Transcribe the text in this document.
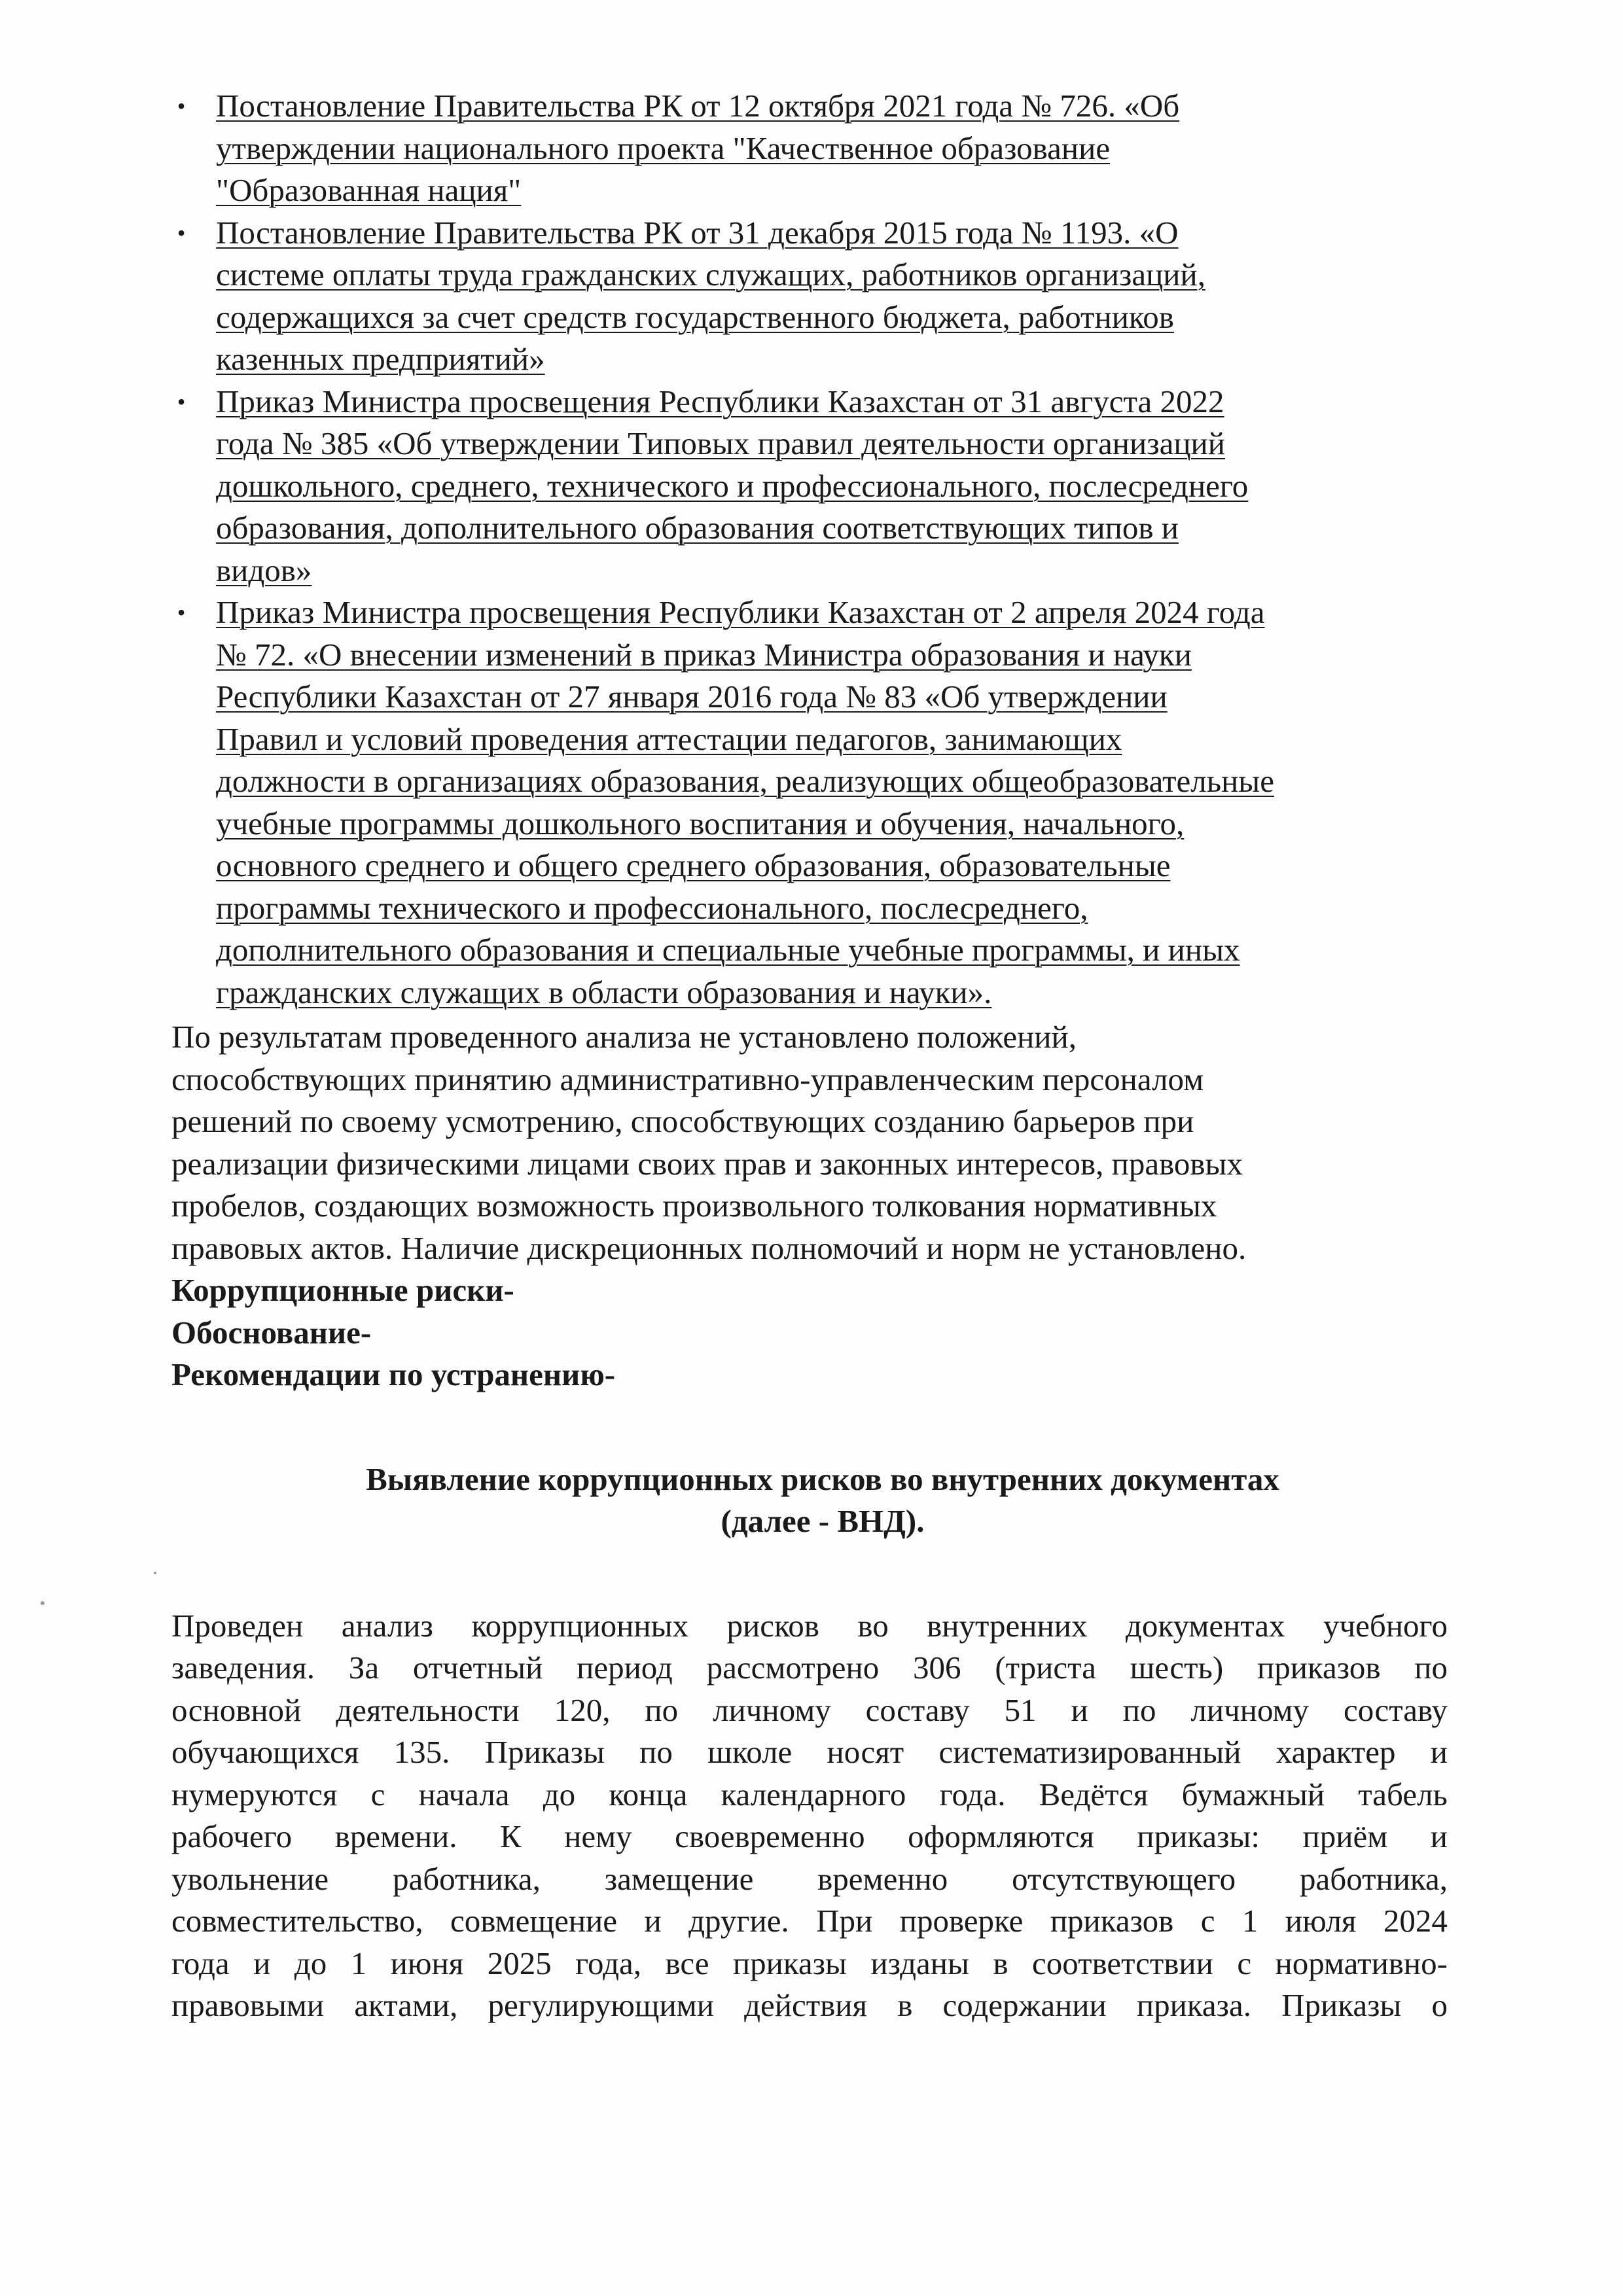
• Постановление Правительства РК от 12 октября 2021 года № 726. «Об
утверждении национального проекта "Качественное образование
"Образованная нация"
• Постановление Правительства РК от 31 декабря 2015 года № 1193. «О
системе оплаты труда гражданских служащих, работников организаций,
содержащихся за счет средств государственного бюджета, работников
казенных предприятий»
• Приказ Министра просвещения Республики Казахстан от 31 августа 2022
года № 385 «Об утверждении Типовых правил деятельности организаций
дошкольного, среднего, технического и профессионального, послесреднего
образования, дополнительного образования соответствующих типов и
видов»
• Приказ Министра просвещения Республики Казахстан от 2 апреля 2024 года
№ 72. «О внесении изменений в приказ Министра образования и науки
Республики Казахстан от 27 января 2016 года № 83 «Об утверждении
Правил и условий проведения аттестации педагогов, занимающих
должности в организациях образования, реализующих общеобразовательные
учебные программы дошкольного воспитания и обучения, начального,
основного среднего и общего среднего образования, образовательные
программы технического и профессионального, послесреднего,
дополнительного образования и специальные учебные программы, и иных
гражданских служащих в области образования и науки».
По результатам проведенного анализа не установлено положений,
способствующих принятию административно-управленческим персоналом
решений по своему усмотрению, способствующих созданию барьеров при
реализации физическими лицами своих прав и законных интересов, правовых
пробелов, создающих возможность произвольного толкования нормативных
правовых актов. Наличие дискреционных полномочий и норм не установлено.
Коррупционные риски-
Обоснование-
Рекомендации по устранению-
Выявление коррупционных рисков во внутренних документах
(далее - ВНД).
Проведен анализ коррупционных рисков во внутренних документах учебного
заведения. За отчетный период рассмотрено 306 (триста шесть) приказов по
основной деятельности 120, по личному составу 51 и по личному составу
обучающихся 135. Приказы по школе носят систематизированный характер и
нумеруются с начала до конца календарного года. Ведётся бумажный табель
рабочего времени. К нему своевременно оформляются приказы: приём и
увольнение работника, замещение временно отсутствующего работника,
совместительство, совмещение и другие. При проверке приказов с 1 июля 2024
года и до 1 июня 2025 года, все приказы изданы в соответствии с нормативно-
правовыми актами, регулирующими действия в содержании приказа. Приказы о
